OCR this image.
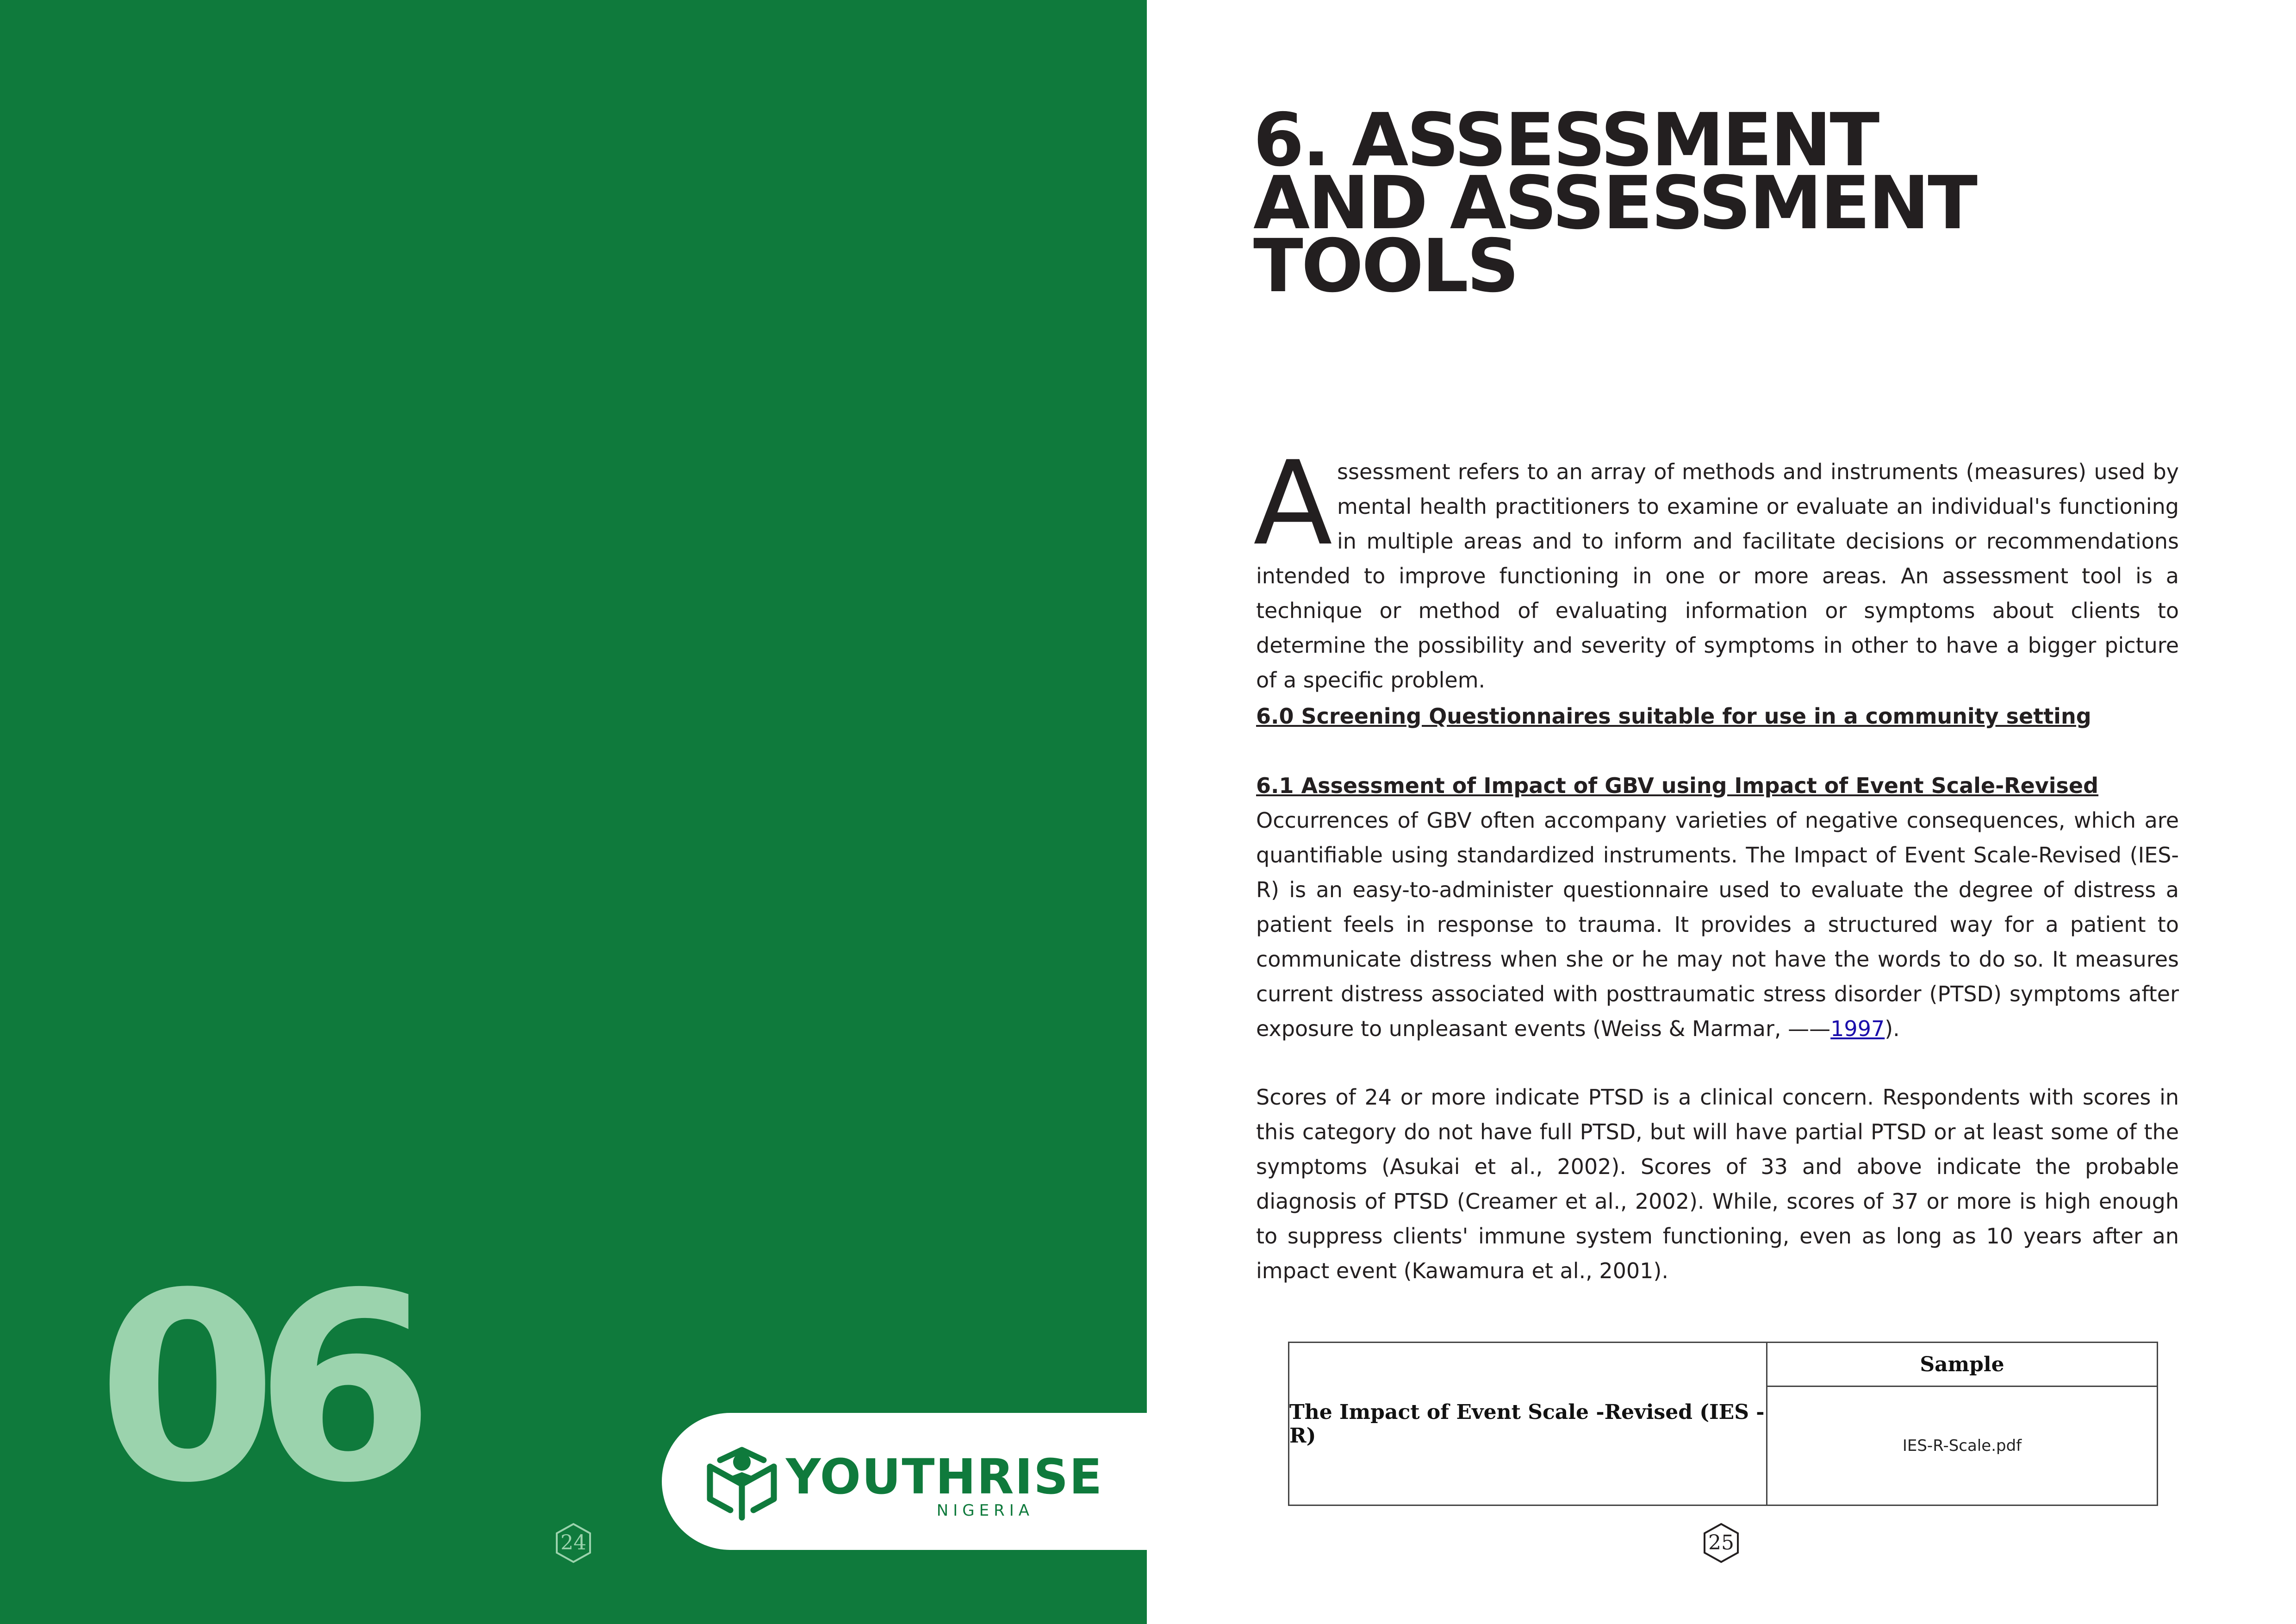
06	YOUTHRISE
NIGERIA
24
6. ASSESSMENT
AND ASSESSMENT
TOOLS

Assessment refers to an array of methods and instruments (measures) used by mental health practitioners to examine or evaluate an individual's functioning in multiple areas and to inform and facilitate decisions or recommendations intended to improve functioning in one or more areas. An assessment tool is a technique or method of evaluating information or symptoms about clients to determine the possibility and severity of symptoms in other to have a bigger picture of a specific problem.

6.0 Screening Questionnaires suitable for use in a community setting
6.1 Assessment of Impact of GBV using Impact of Event Scale-Revised

Occurrences of GBV often accompany varieties of negative consequences, which are quantifiable using standardized instruments. The Impact of Event Scale-Revised (IES-R) is an easy-to-administer questionnaire used to evaluate the degree of distress a patient feels in response to trauma. It provides a structured way for a patient to communicate distress when she or he may not have the words to do so. It measures current distress associated with posttraumatic stress disorder (PTSD) symptoms after exposure to unpleasant events (Weiss & Marmar, ——1997).

Scores of 24 or more indicate PTSD is a clinical concern. Respondents with scores in this category do not have full PTSD, but will have partial PTSD or at least some of the symptoms (Asukai et al., 2002). Scores of 33 and above indicate the probable diagnosis of PTSD (Creamer et al., 2002). While, scores of 37 or more is high enough to suppress clients' immune system functioning, even as long as 10 years after an impact event (Kawamura et al., 2001).

The Impact of Event Scale -Revised (IES -R)
Sample
IES-R-Scale.pdf
25
